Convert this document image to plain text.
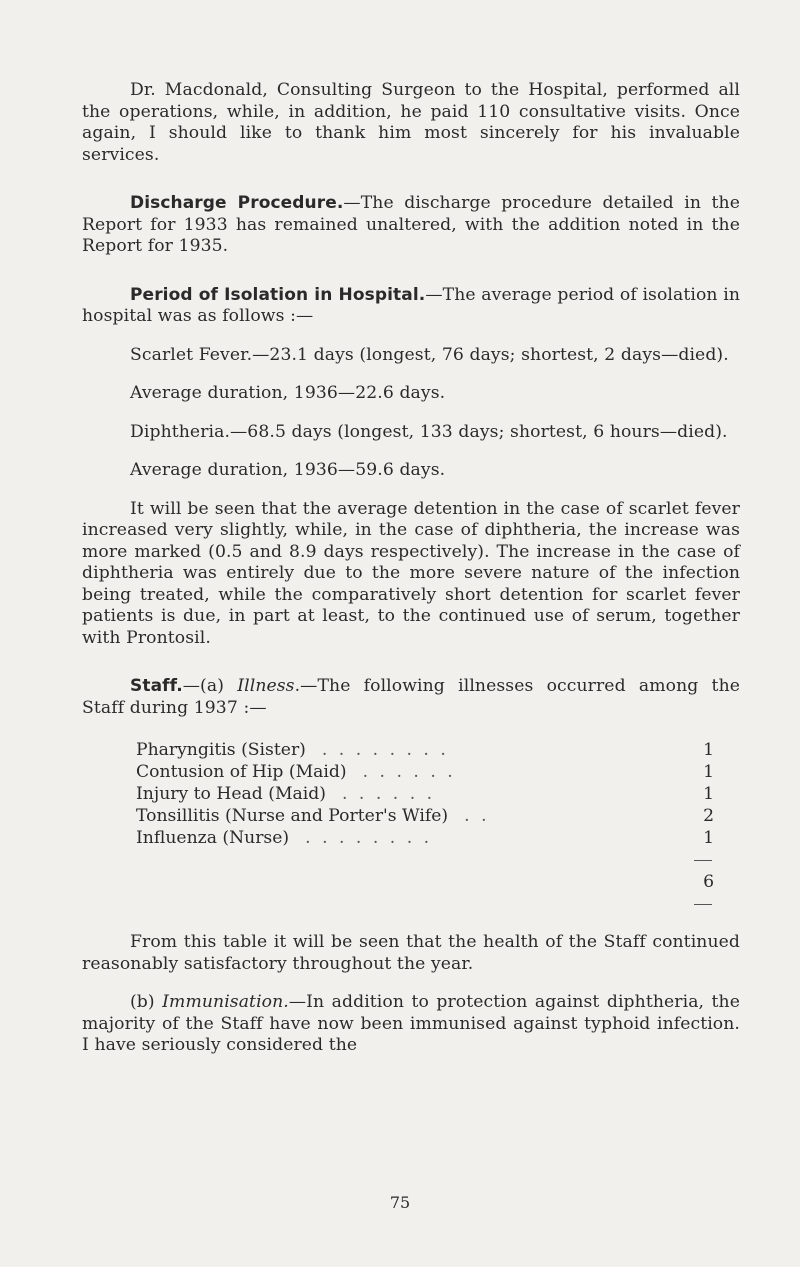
Dr. Macdonald, Consulting Surgeon to the Hospital, performed all the operations, while, in addition, he paid 110 consultative visits. Once again, I should like to thank him most sincerely for his invaluable services.

Discharge Procedure.—The discharge procedure detailed in the Report for 1933 has remained unaltered, with the addition noted in the Report for 1935.

Period of Isolation in Hospital.—The average period of isolation in hospital was as follows :—

Scarlet Fever.—23.1 days (longest, 76 days; shortest, 2 days—died).

Average duration, 1936—22.6 days.

Diphtheria.—68.5 days (longest, 133 days; shortest, 6 hours—died).

Average duration, 1936—59.6 days.

It will be seen that the average detention in the case of scarlet fever increased very slightly, while, in the case of diphtheria, the increase was more marked (0.5 and 8.9 days respectively). The increase in the case of diphtheria was entirely due to the more severe nature of the infection being treated, while the comparatively short detention for scarlet fever patients is due, in part at least, to the continued use of serum, together with Prontosil.

Staff.—(a) Illness.—The following illnesses occurred among the Staff during 1937 :—

Pharyngitis (Sister) . . . . . . . .	1
Contusion of Hip (Maid) . . . . . .	1
Injury to Head (Maid) . . . . . .	1
Tonsillitis (Nurse and Porter's Wife) . .	2
Influenza (Nurse) . . . . . . . .	1
6

From this table it will be seen that the health of the Staff continued reasonably satisfactory throughout the year.

(b) Immunisation.—In addition to protection against diphtheria, the majority of the Staff have now been immunised against typhoid infection. I have seriously considered the

75
